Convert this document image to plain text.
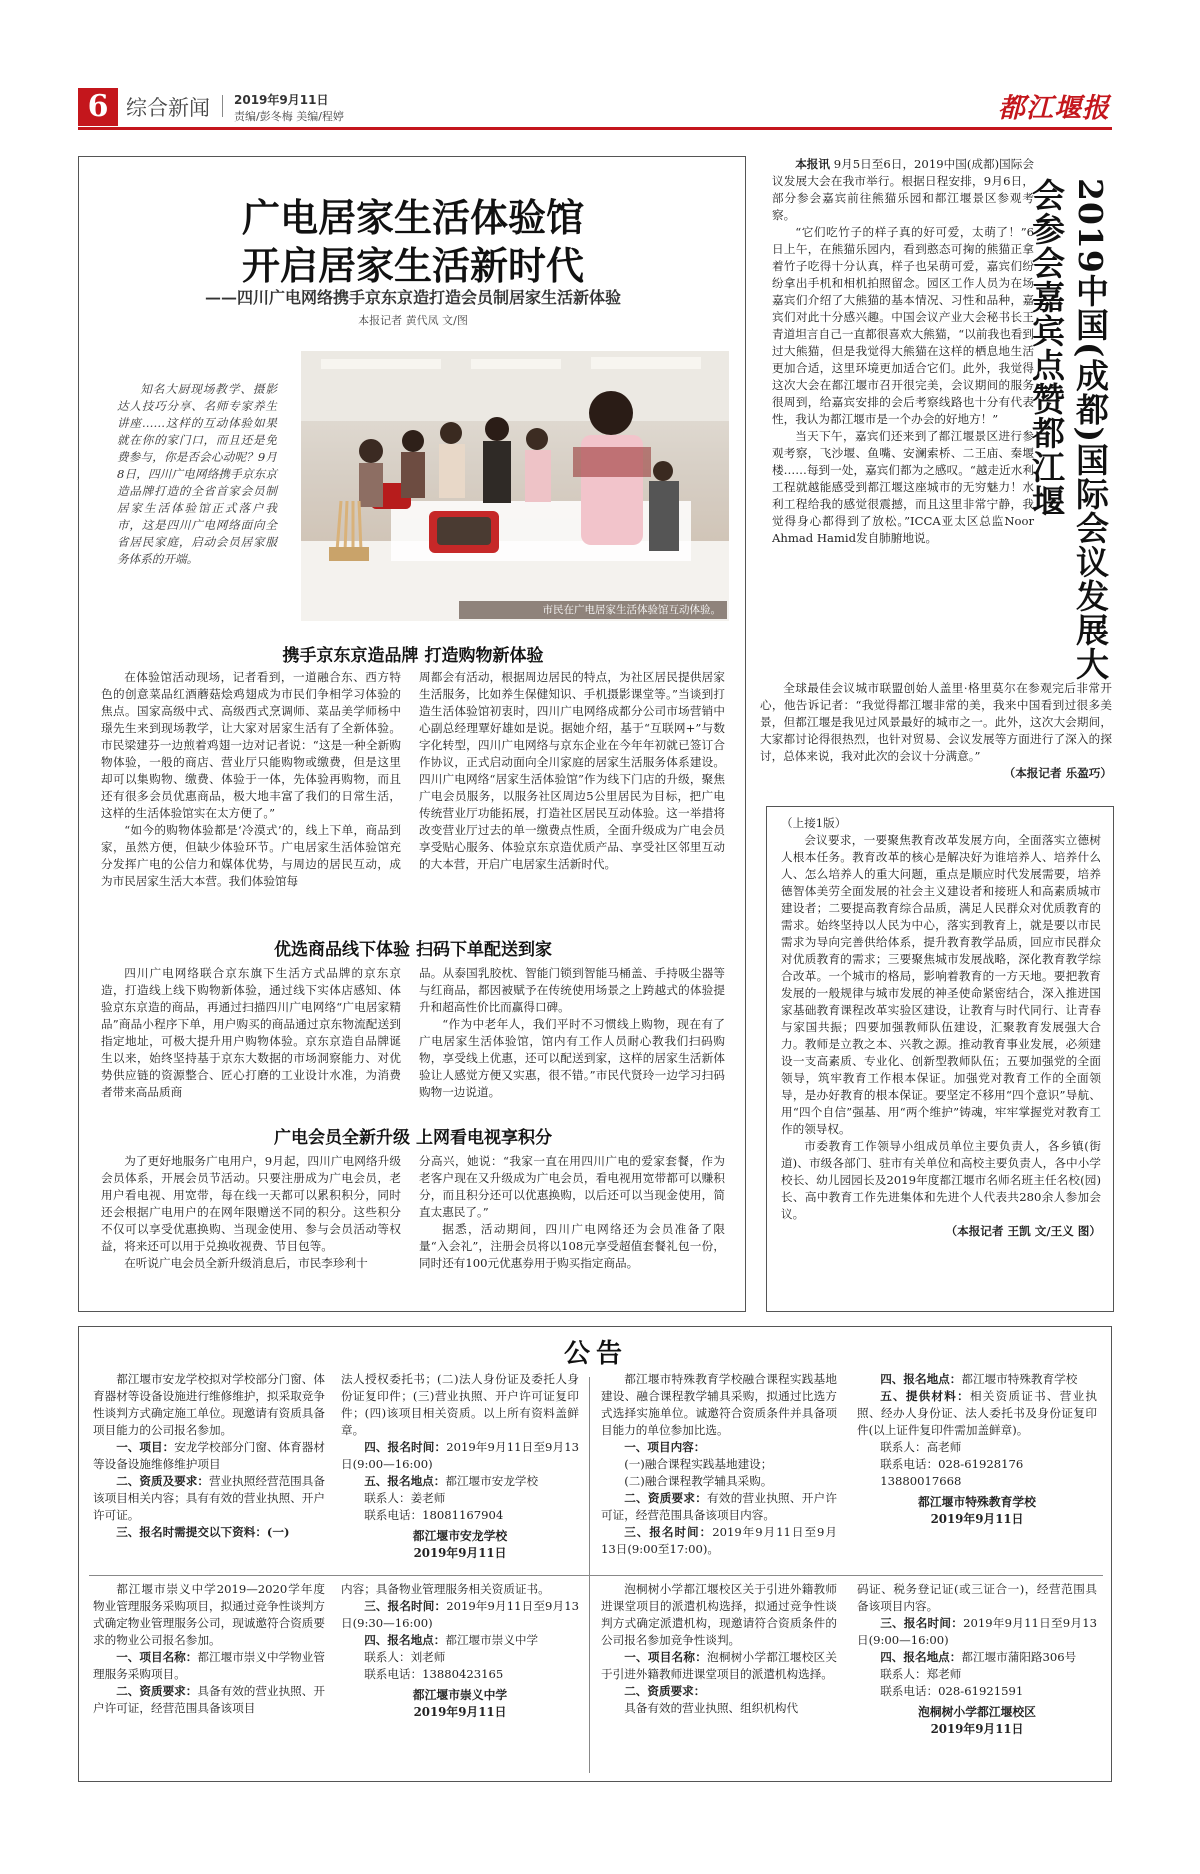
6 综合新闻 2019年9月11日
责编/彭冬梅 美编/程婷	都江堰报
广电居家生活体验馆
开启居家生活新时代
——四川广电网络携手京东京造打造会员制居家生活新体验
本报记者 黄代凤 文/图

知名大厨现场教学、摄影达人技巧分享、名师专家养生讲座……这样的互动体验如果就在你的家门口，而且还是免费参与，你是否会心动呢？9月8日，四川广电网络携手京东京造品牌打造的全省首家会员制居家生活体验馆正式落户我市，这是四川广电网络面向全省居民家庭，启动会员居家服务体系的开端。

市民在广电居家生活体验馆互动体验。
携手京东京造品牌 打造购物新体验

在体验馆活动现场，记者看到，一道融合东、西方特色的创意菜品红酒蘑菇烩鸡翅成为市民们争相学习体验的焦点。国家高级中式、高级西式烹调师、菜品美学师杨中璟先生来到现场教学，让大家对居家生活有了全新体验。市民梁建芬一边煎着鸡翅一边对记者说：“这是一种全新购物体验，一般的商店、营业厅只能购物或缴费，但是这里却可以集购物、缴费、体验于一体，先体验再购物，而且还有很多会员优惠商品，极大地丰富了我们的日常生活，这样的生活体验馆实在太方便了。”

“如今的购物体验都是‘冷漠式’的，线上下单，商品到家，虽然方便，但缺少体验环节。广电居家生活体验馆充分发挥广电的公信力和媒体优势，与周边的居民互动，成为市民居家生活大本营。我们体验馆每

周都会有活动，根据周边居民的特点，为社区居民提供居家生活服务，比如养生保健知识、手机摄影课堂等。”当谈到打造生活体验馆初衷时，四川广电网络成都分公司市场营销中心副总经理覃好雄如是说。据她介绍，基于“互联网+”与数字化转型，四川广电网络与京东企业在今年年初就已签订合作协议，正式启动面向全川家庭的居家生活服务体系建设。四川广电网络“居家生活体验馆”作为线下门店的升级，聚焦广电会员服务，以服务社区周边5公里居民为目标，把广电传统营业厅功能拓展，打造社区居民互动体验。这一举措将改变营业厅过去的单一缴费点性质，全面升级成为广电会员享受贴心服务、体验京东京造优质产品、享受社区邻里互动的大本营，开启广电居家生活新时代。

优选商品线下体验 扫码下单配送到家

四川广电网络联合京东旗下生活方式品牌的京东京造，打造线上线下购物新体验，通过线下实体店感知、体验京东京造的商品，再通过扫描四川广电网络“广电居家精品”商品小程序下单，用户购买的商品通过京东物流配送到指定地址，可极大提升用户购物体验。京东京造自品牌诞生以来，始终坚持基于京东大数据的市场洞察能力、对优势供应链的资源整合、匠心打磨的工业设计水准，为消费者带来高品质商

品。从泰国乳胶枕、智能门锁到智能马桶盖、手持吸尘器等与红商品，都因被赋予在传统使用场景之上跨越式的体验提升和超高性价比而赢得口碑。

“作为中老年人，我们平时不习惯线上购物，现在有了广电居家生活体验馆，馆内有工作人员耐心教我们扫码购物，享受线上优惠，还可以配送到家，这样的居家生活新体验让人感觉方便又实惠，很不错。”市民代贤玲一边学习扫码购物一边说道。

广电会员全新升级 上网看电视享积分

为了更好地服务广电用户，9月起，四川广电网络升级会员体系，开展会员节活动。只要注册成为广电会员，老用户看电视、用宽带，每在线一天都可以累积积分，同时还会根据广电用户的在网年限赠送不同的积分。这些积分不仅可以享受优惠换购、当现金使用、参与会员活动等权益，将来还可以用于兑换收视费、节目包等。

在听说广电会员全新升级消息后，市民李珍利十

分高兴，她说：“我家一直在用四川广电的爱家套餐，作为老客户现在又升级成为广电会员，看电视用宽带都可以赚积分，而且积分还可以优惠换购，以后还可以当现金使用，简直太惠民了。”

据悉，活动期间，四川广电网络还为会员准备了限量“入会礼”，注册会员将以108元享受超值套餐礼包一份，同时还有100元优惠券用于购买指定商品。

2019中国(成都)国际会议发展大会参会嘉宾点赞都江堰

本报讯 9月5日至6日，2019中国(成都)国际会议发展大会在我市举行。根据日程安排，9月6日，部分参会嘉宾前往熊猫乐园和都江堰景区参观考察。

“它们吃竹子的样子真的好可爱，太萌了！”6日上午，在熊猫乐园内，看到憨态可掬的熊猫正拿着竹子吃得十分认真，样子也呆萌可爱，嘉宾们纷纷拿出手机和相机拍照留念。园区工作人员为在场嘉宾们介绍了大熊猫的基本情况、习性和品种，嘉宾们对此十分感兴趣。中国会议产业大会秘书长王青道坦言自己一直都很喜欢大熊猫，“以前我也看到过大熊猫，但是我觉得大熊猫在这样的栖息地生活更加合适，这里环境更加适合它们。此外，我觉得这次大会在都江堰市召开很完美，会议期间的服务很周到，给嘉宾安排的会后考察线路也十分有代表性，我认为都江堰市是一个办会的好地方！”

当天下午，嘉宾们还来到了都江堰景区进行参观考察，飞沙堰、鱼嘴、安澜索桥、二王庙、秦堰楼……每到一处，嘉宾们都为之感叹。“越走近水利工程就越能感受到都江堰这座城市的无穷魅力！水利工程给我的感觉很震撼，而且这里非常宁静，我觉得身心都得到了放松。”ICCA亚太区总监Noor Ahmad Hamid发自肺腑地说。

全球最佳会议城市联盟创始人盖里·格里莫尔在参观完后非常开心，他告诉记者：“我觉得都江堰非常的美，我来中国看到过很多美景，但都江堰是我见过风景最好的城市之一。此外，这次大会期间，大家都讨论得很热烈，也针对贸易、会议发展等方面进行了深入的探讨，总体来说，我对此次的会议十分满意。”

（本报记者 乐盈巧）

（上接1版）

会议要求，一要聚焦教育改革发展方向，全面落实立德树人根本任务。教育改革的核心是解决好为谁培养人、培养什么人、怎么培养人的重大问题，重点是顺应时代发展需要，培养德智体美劳全面发展的社会主义建设者和接班人和高素质城市建设者；二要提高教育综合品质，满足人民群众对优质教育的需求。始终坚持以人民为中心，落实到教育上，就是要以市民需求为导向完善供给体系，提升教育教学品质，回应市民群众对优质教育的需求；三要聚焦城市发展战略，深化教育教学综合改革。一个城市的格局，影响着教育的一方天地。要把教育发展的一般规律与城市发展的神圣使命紧密结合，深入推进国家基础教育课程改革实验区建设，让教育与时代同行、让青春与家国共振；四要加强教师队伍建设，汇聚教育发展强大合力。教师是立教之本、兴教之源。推动教育事业发展，必须建设一支高素质、专业化、创新型教师队伍；五要加强党的全面领导，筑牢教育工作根本保证。加强党对教育工作的全面领导，是办好教育的根本保证。要坚定不移用“四个意识”导航、用“四个自信”强基、用“两个维护”铸魂，牢牢掌握党对教育工作的领导权。

市委教育工作领导小组成员单位主要负责人，各乡镇(街道)、市级各部门、驻市有关单位和高校主要负责人，各中小学校长、幼儿园园长及2019年度都江堰市名师名班主任名校(园)长、高中教育工作先进集体和先进个人代表共280余人参加会议。

（本报记者 王凯 文/王义 图）

公告

都江堰市安龙学校拟对学校部分门窗、体育器材等设备设施进行维修维护，拟采取竞争性谈判方式确定施工单位。现邀请有资质具备项目能力的公司报名参加。

一、项目：安龙学校部分门窗、体育器材等设备设施维修维护项目

二、资质及要求：营业执照经营范围具备该项目相关内容；具有有效的营业执照、开户许可证。

三、报名时需提交以下资料：(一)

法人授权委托书；(二)法人身份证及委托人身份证复印件；(三)营业执照、开户许可证复印件；(四)该项目相关资质。以上所有资料盖鲜章。

四、报名时间：2019年9月11日至9月13日(9:00—16:00)

五、报名地点：都江堰市安龙学校

联系人：姜老师

联系电话：18081167904

都江堰市安龙学校

2019年9月11日

都江堰市特殊教育学校融合课程实践基地建设、融合课程教学辅具采购，拟通过比选方式选择实施单位。诚邀符合资质条件并具备项目能力的单位参加比选。

一、项目内容：

(一)融合课程实践基地建设；

(二)融合课程教学辅具采购。

二、资质要求：有效的营业执照、开户许可证，经营范围具备该项目内容。

三、报名时间：2019年9月11日至9月13日(9:00至17:00)。

四、报名地点：都江堰市特殊教育学校

五、提供材料：相关资质证书、营业执照、经办人身份证、法人委托书及身份证复印件(以上证件复印件需加盖鲜章)。

联系人：高老师

联系电话：028-61928176

13880017668

都江堰市特殊教育学校

2019年9月11日

都江堰市崇义中学2019—2020学年度物业管理服务采购项目，拟通过竞争性谈判方式确定物业管理服务公司，现诚邀符合资质要求的物业公司报名参加。

一、项目名称：都江堰市崇义中学物业管理服务采购项目。

二、资质要求：具备有效的营业执照、开户许可证，经营范围具备该项目

内容；具备物业管理服务相关资质证书。

三、报名时间：2019年9月11日至9月13日(9:30—16:00)

四、报名地点：都江堰市崇义中学

联系人：刘老师

联系电话：13880423165

都江堰市崇义中学

2019年9月11日

泡桐树小学都江堰校区关于引进外籍教师进课堂项目的派遣机构选择，拟通过竞争性谈判方式确定派遣机构，现邀请符合资质条件的公司报名参加竞争性谈判。

一、项目名称：泡桐树小学都江堰校区关于引进外籍教师进课堂项目的派遣机构选择。

二、资质要求：

具备有效的营业执照、组织机构代

码证、税务登记证(或三证合一)，经营范围具备该项目内容。

三、报名时间：2019年9月11日至9月13日(9:00—16:00)

四、报名地点：都江堰市蒲阳路306号

联系人：郑老师

联系电话：028-61921591

泡桐树小学都江堰校区

2019年9月11日
